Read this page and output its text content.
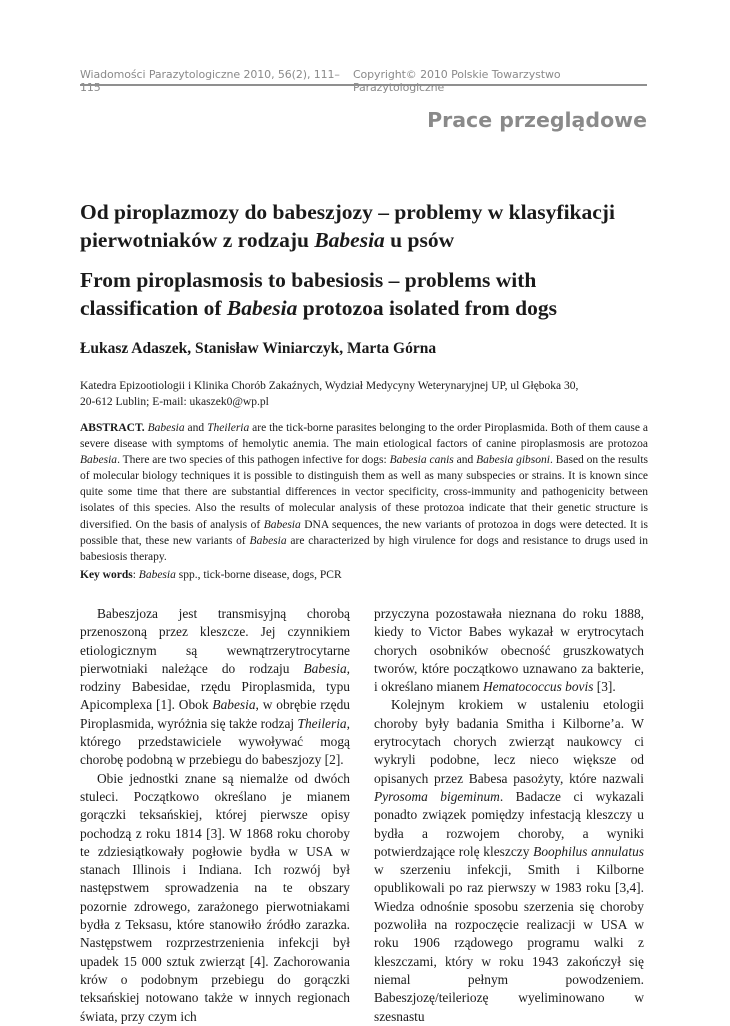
Wiadomości Parazytologiczne 2010, 56(2), 111–115
Copyright© 2010 Polskie Towarzystwo Parazytologiczne
Prace przeglądowe
Od piroplazmozy do babeszjozy – problemy w klasyfikacji pierwotniaków z rodzaju Babesia u psów
From piroplasmosis to babesiosis – problems with classification of Babesia protozoa isolated from dogs
Łukasz Adaszek, Stanisław Winiarczyk, Marta Górna
Katedra Epizootiologii i Klinika Chorób Zakaźnych, Wydział Medycyny Weterynaryjnej UP, ul Głęboka 30,
20-612 Lublin; E-mail: ukaszek0@wp.pl
ABSTRACT. Babesia and Theileria are the tick-borne parasites belonging to the order Piroplasmida. Both of them cause a severe disease with symptoms of hemolytic anemia. The main etiological factors of canine piroplasmosis are protozoa Babesia. There are two species of this pathogen infective for dogs: Babesia canis and Babesia gibsoni. Based on the results of molecular biology techniques it is possible to distinguish them as well as many subspecies or strains. It is known since quite some time that there are substantial differences in vector specificity, cross-immunity and pathogenicity between isolates of this species. Also the results of molecular analysis of these protozoa indicate that their genetic structure is diversified. On the basis of analysis of Babesia DNA sequences, the new variants of protozoa in dogs were detected. It is possible that, these new variants of Babesia are characterized by high virulence for dogs and resistance to drugs used in babesiosis therapy.
Key words: Babesia spp., tick-borne disease, dogs, PCR

Babeszjoza jest transmisyjną chorobą przenoszoną przez kleszcze. Jej czynnikiem etiologicznym są wewnątrzerytrocytarne pierwotniaki należące do rodzaju Babesia, rodziny Babesidae, rzędu Piroplasmida, typu Apicomplexa [1]. Obok Babesia, w obrębie rzędu Piroplasmida, wyróżnia się także rodzaj Theileria, którego przedstawiciele wywoływać mogą chorobę podobną w przebiegu do babeszjozy [2].

Obie jednostki znane są niemalże od dwóch stuleci. Początkowo określano je mianem gorączki teksańskiej, której pierwsze opisy pochodzą z roku 1814 [3]. W 1868 roku choroby te zdziesiątkowały pogłowie bydła w USA w stanach Illinois i Indiana. Ich rozwój był następstwem sprowadzenia na te obszary pozornie zdrowego, zarażonego pierwotniakami bydła z Teksasu, które stanowiło źródło zarazka. Następstwem rozprzestrzenienia infekcji był upadek 15 000 sztuk zwierząt [4]. Zachorowania krów o podobnym przebiegu do gorączki teksańskiej notowano także w innych regionach świata, przy czym ich

przyczyna pozostawała nieznana do roku 1888, kiedy to Victor Babes wykazał w erytrocytach chorych osobników obecność gruszkowatych tworów, które początkowo uznawano za bakterie, i określano mianem Hematococcus bovis [3].

Kolejnym krokiem w ustaleniu etologii choroby były badania Smitha i Kilborne’a. W erytrocytach chorych zwierząt naukowcy ci wykryli podobne, lecz nieco większe od opisanych przez Babesa pasożyty, które nazwali Pyrosoma bigeminum. Badacze ci wykazali ponadto związek pomiędzy infestacją kleszczy u bydła a rozwojem choroby, a wyniki potwierdzające rolę kleszczy Boophilus annulatus w szerzeniu infekcji, Smith i Kilborne opublikowali po raz pierwszy w 1983 roku [3,4]. Wiedza odnośnie sposobu szerzenia się choroby pozwoliła na rozpoczęcie realizacji w USA w roku 1906 rządowego programu walki z kleszczami, który w roku 1943 zakończył się niemal pełnym powodzeniem. Babeszjozę/teileriozę wyeliminowano w szesnastu
